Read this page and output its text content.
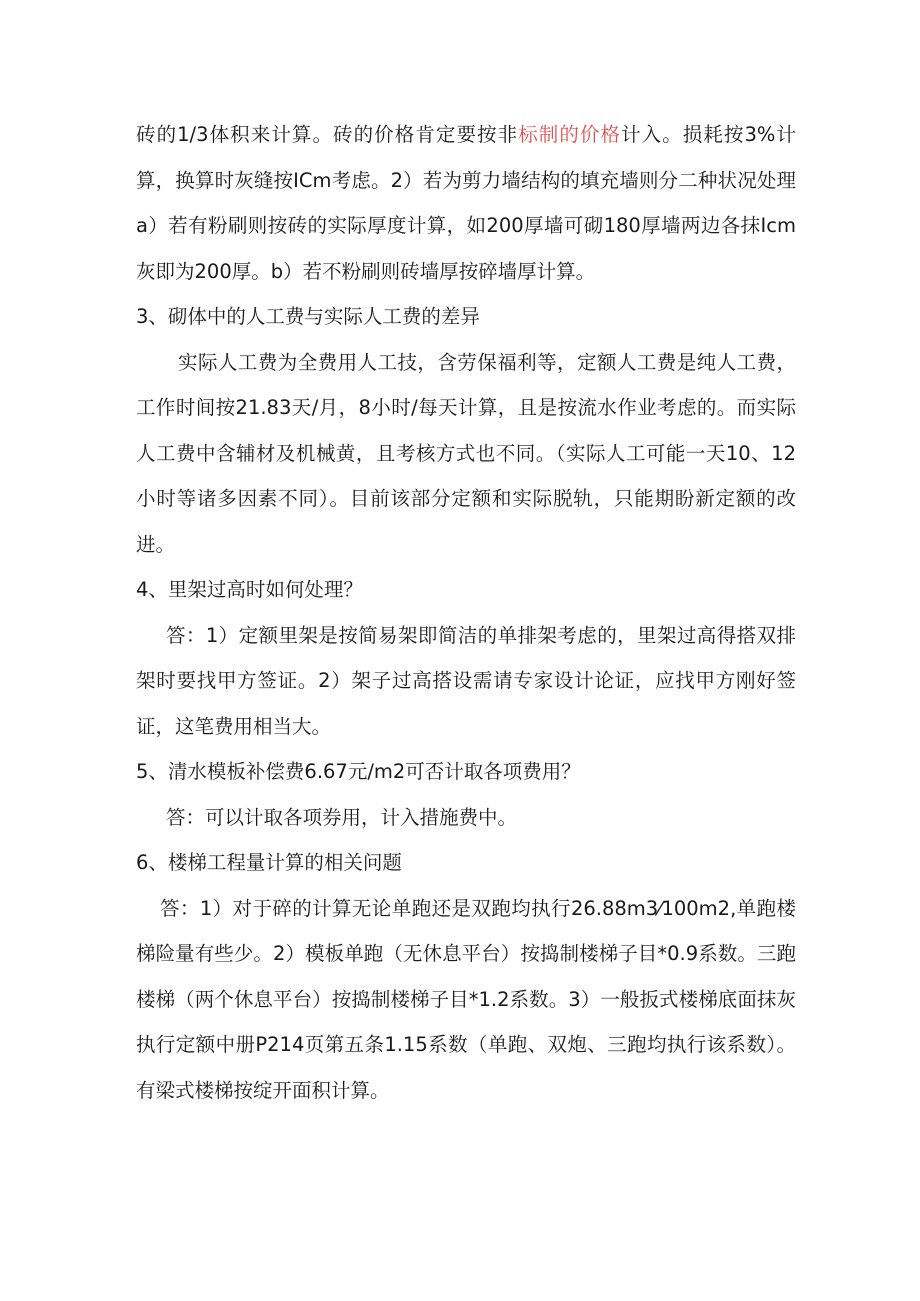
砖的1/3体积来计算。砖的价格肯定要按非标制的价格计入。损耗按3%计算，换算时灰缝按ICm考虑。2）若为剪力墙结构的填充墙则分二种状况处理a）若有粉刷则按砖的实际厚度计算，如200厚墙可砌180厚墙两边各抹Icm灰即为200厚。b）若不粉刷则砖墙厚按碎墙厚计算。

3、砌体中的人工费与实际人工费的差异

实际人工费为全费用人工技，含劳保福利等，定额人工费是纯人工费，工作时间按21.83天/月，8小时/每天计算，且是按流水作业考虑的。而实际人工费中含辅材及机械黄，且考核方式也不同。（实际人工可能一天10、12小时等诸多因素不同）。目前该部分定额和实际脱轨，只能期盼新定额的改进。

4、里架过高时如何处理？

答：1）定额里架是按简易架即简洁的单排架考虑的，里架过高得搭双排架时要找甲方签证。2）架子过高搭设需请专家设计论证，应找甲方刚好签证，这笔费用相当大。

5、清水模板补偿费6.67元/m2可否计取各项费用？

答：可以计取各项券用，计入措施费中。

6、楼梯工程量计算的相关问题

答：1）对于碎的计算无论单跑还是双跑均执行26.88m3⁄100m2,单跑楼梯险量有些少。2）模板单跑（无休息平台）按捣制楼梯子目*0.9系数。三跑楼梯（两个休息平台）按捣制楼梯子目*1.2系数。3）一般扳式楼梯底面抹灰执行定额中册P214页第五条1.15系数（单跑、双炮、三跑均执行该系数）。有梁式楼梯按绽开面积计算。
